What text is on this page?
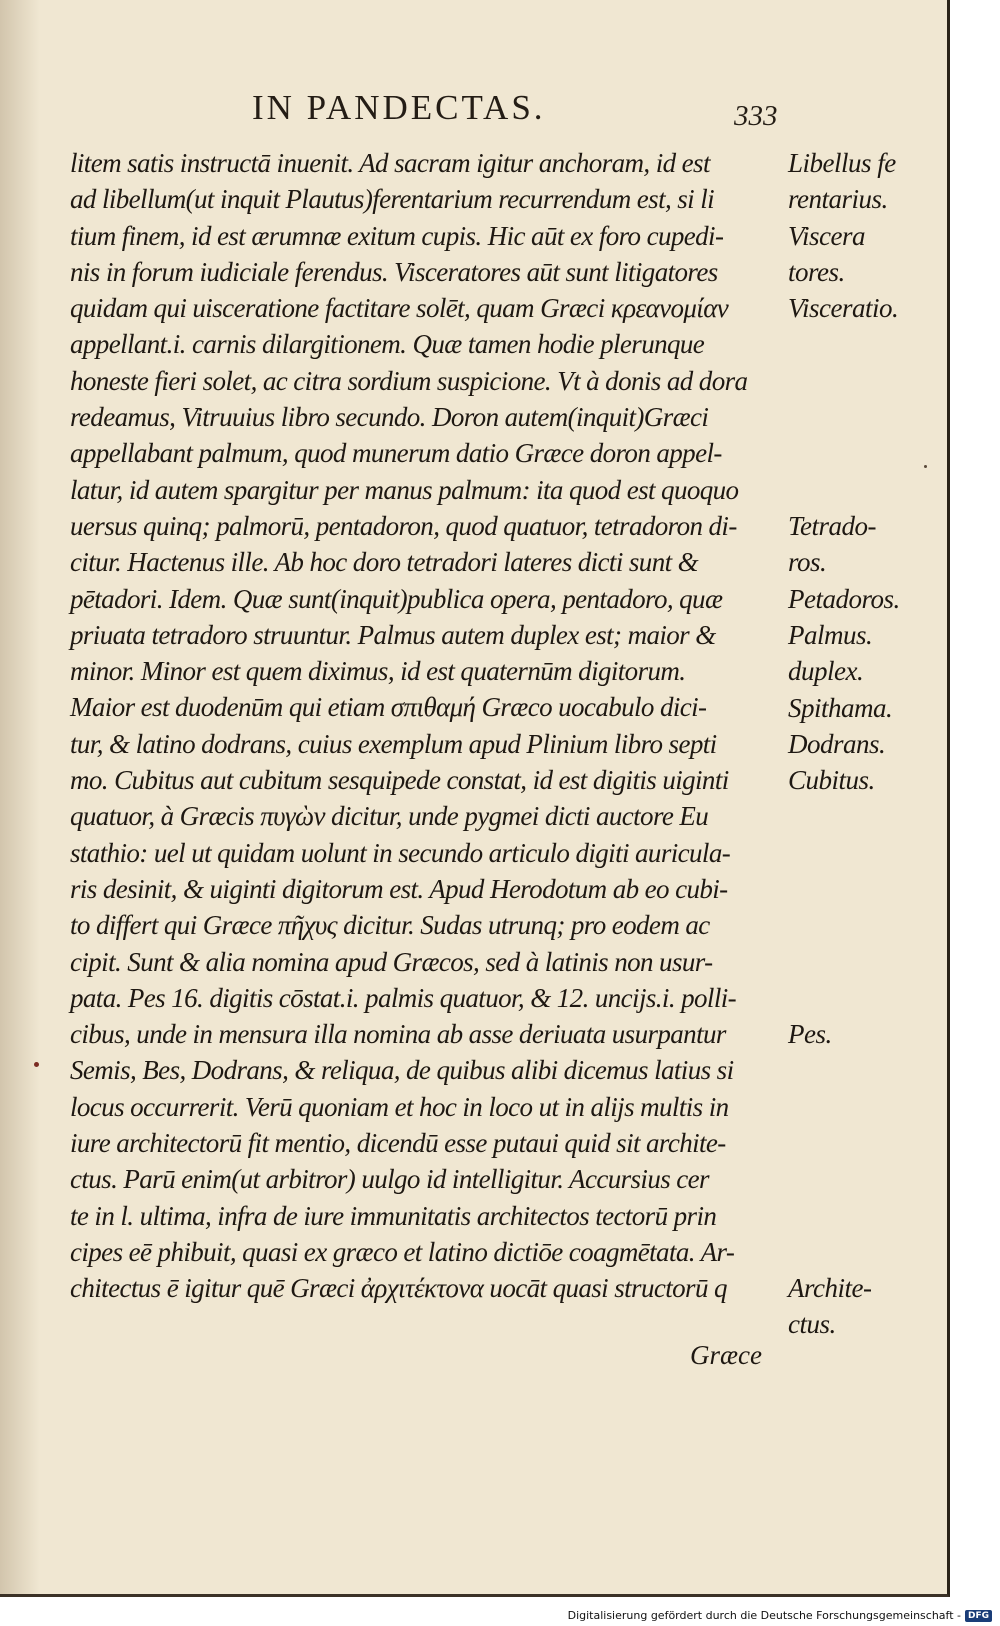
IN PANDECTAS.	333
litem satis instructā inuenit. Ad sacram igitur anchoram, id est
ad libellum(ut inquit Plautus)ferentarium recurrendum est, si li
tium finem, id est ærumnæ exitum cupis. Hic aūt ex foro cupedi-
nis in forum iudiciale ferendus. Visceratores aūt sunt litigatores
quidam qui uisceratione factitare solēt, quam Græci κρεανομίαν
appellant.i. carnis dilargitionem. Quæ tamen hodie plerunque
honeste fieri solet, ac citra sordium suspicione. Vt à donis ad dora
redeamus, Vitruuius libro secundo. Doron autem(inquit)Græci
appellabant palmum, quod munerum datio Græce doron appel-
latur, id autem spargitur per manus palmum: ita quod est quoquo
uersus quinq; palmorū, pentadoron, quod quatuor, tetradoron di-
citur. Hactenus ille. Ab hoc doro tetradori lateres dicti sunt &
pētadori. Idem. Quæ sunt(inquit)publica opera, pentadoro, quæ
priuata tetradoro struuntur. Palmus autem duplex est; maior &
minor. Minor est quem diximus, id est quaternūm digitorum.
Maior est duodenūm qui etiam σπιθαμή Græco uocabulo dici-
tur, & latino dodrans, cuius exemplum apud Plinium libro septi
mo. Cubitus aut cubitum sesquipede constat, id est digitis uiginti
quatuor, à Græcis πυγὼν dicitur, unde pygmei dicti auctore Eu
stathio: uel ut quidam uolunt in secundo articulo digiti auricula-
ris desinit, & uiginti digitorum est. Apud Herodotum ab eo cubi-
to differt qui Græce πῆχυς dicitur. Sudas utrunq; pro eodem ac
cipit. Sunt & alia nomina apud Græcos, sed à latinis non usur-
pata. Pes 16. digitis cōstat.i. palmis quatuor, & 12. uncijs.i. polli-
cibus, unde in mensura illa nomina ab asse deriuata usurpantur
Semis, Bes, Dodrans, & reliqua, de quibus alibi dicemus latius si
locus occurrerit. Verū quoniam et hoc in loco ut in alijs multis in
iure architectorū fit mentio, dicendū esse putaui quid sit archite-
ctus. Parū enim(ut arbitror) uulgo id intelligitur. Accursius cer
te in l. ultima, infra de iure immunitatis architectos tectorū prin
cipes eē phibuit, quasi ex græco et latino dictiōe coagmētata. Ar-
chitectus ē igitur quē Græci ἀρχιτέκτονα uocāt quasi structorū q
Græce
Libellus fe
rentarius.
Viscera
tores.
Visceratio.
Tetrado-
ros.
Petadoros.
Palmus.
duplex.
Spithama.
Dodrans.
Cubitus.
Pes.
Archite-
ctus.
Digitalisierung gefördert durch die Deutsche Forschungsgemeinschaft - DFG
